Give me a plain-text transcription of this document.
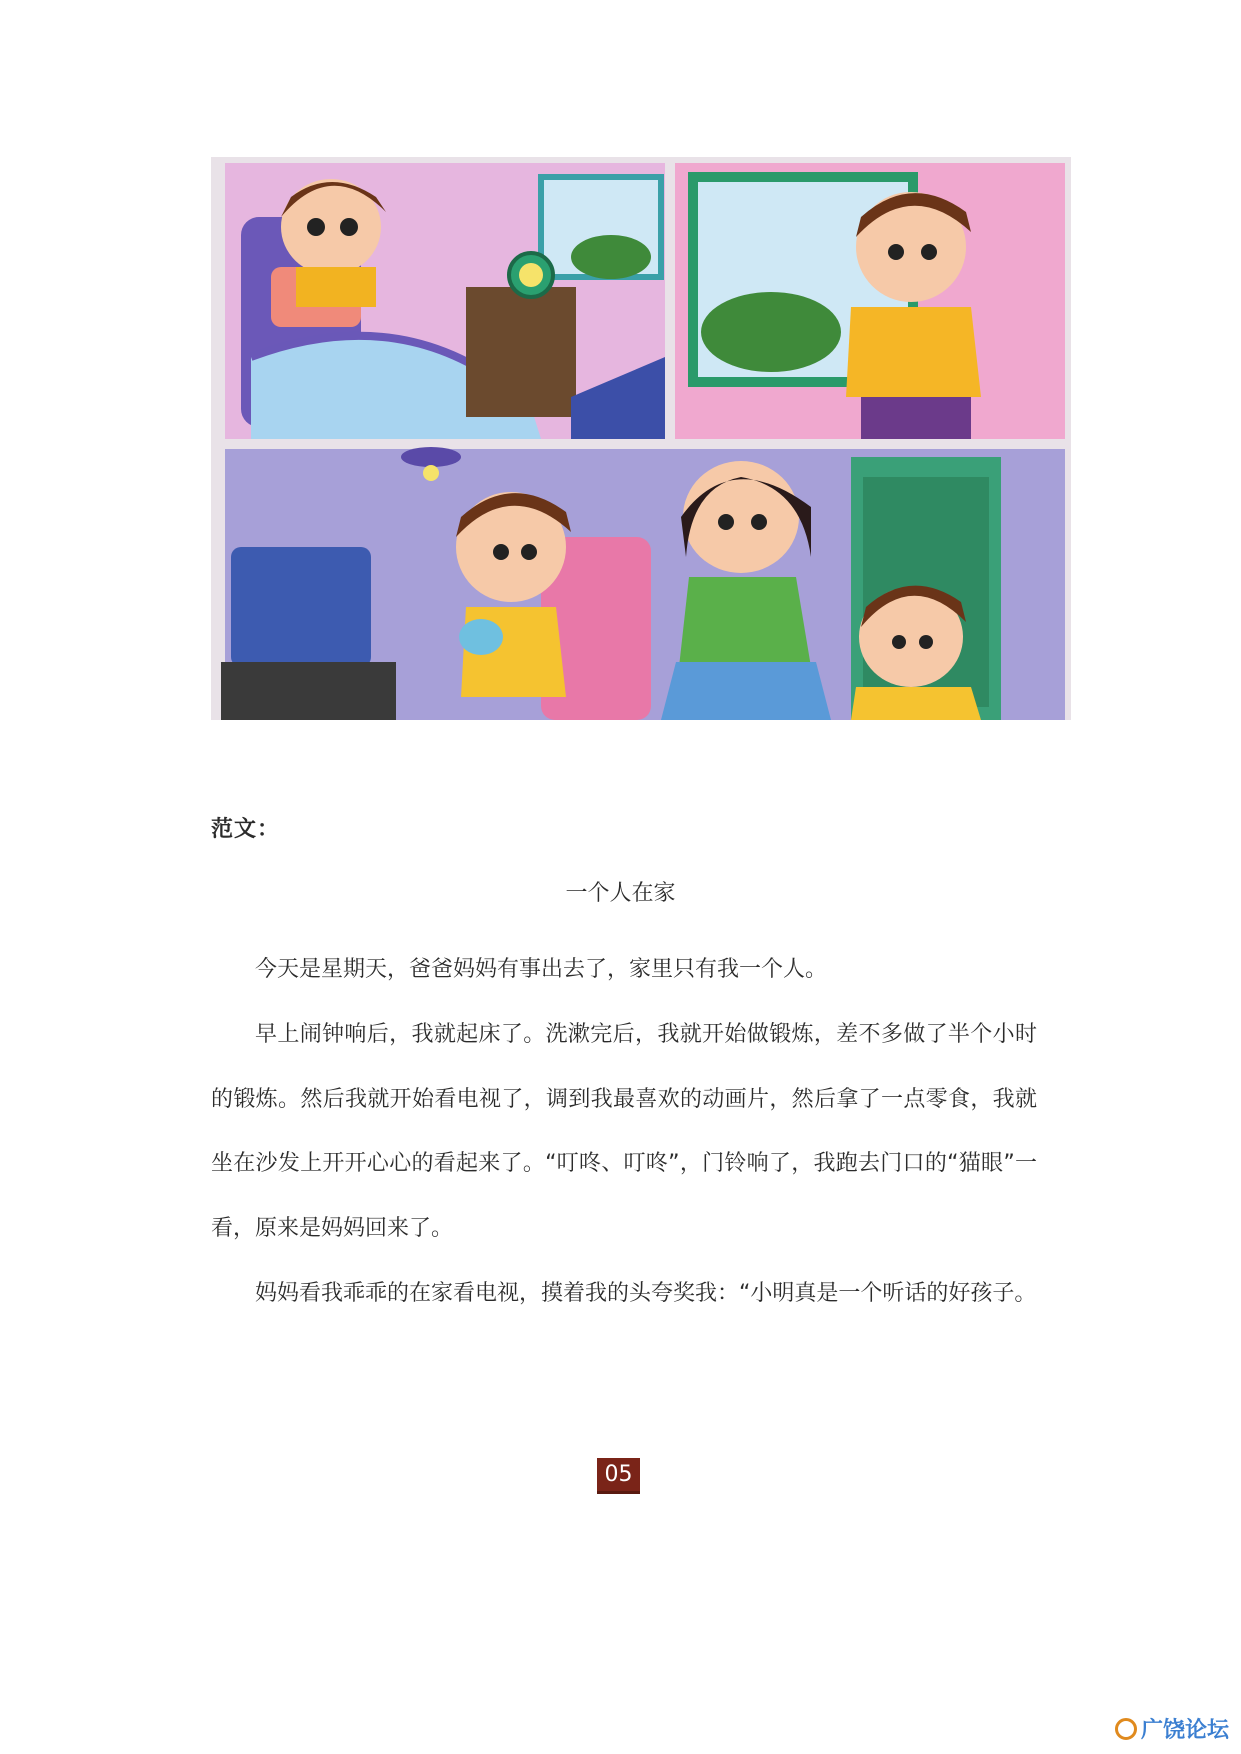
范文：
一个人在家

今天是星期天，爸爸妈妈有事出去了，家里只有我一个人。

早上闹钟响后，我就起床了。洗漱完后，我就开始做锻炼，差不多做了半个小时的锻炼。然后我就开始看电视了，调到我最喜欢的动画片，然后拿了一点零食，我就坐在沙发上开开心心的看起来了。“叮咚、叮咚”，门铃响了，我跑去门口的“猫眼”一看，原来是妈妈回来了。

妈妈看我乖乖的在家看电视，摸着我的头夸奖我：“小明真是一个听话的好孩子。

05
广饶论坛
